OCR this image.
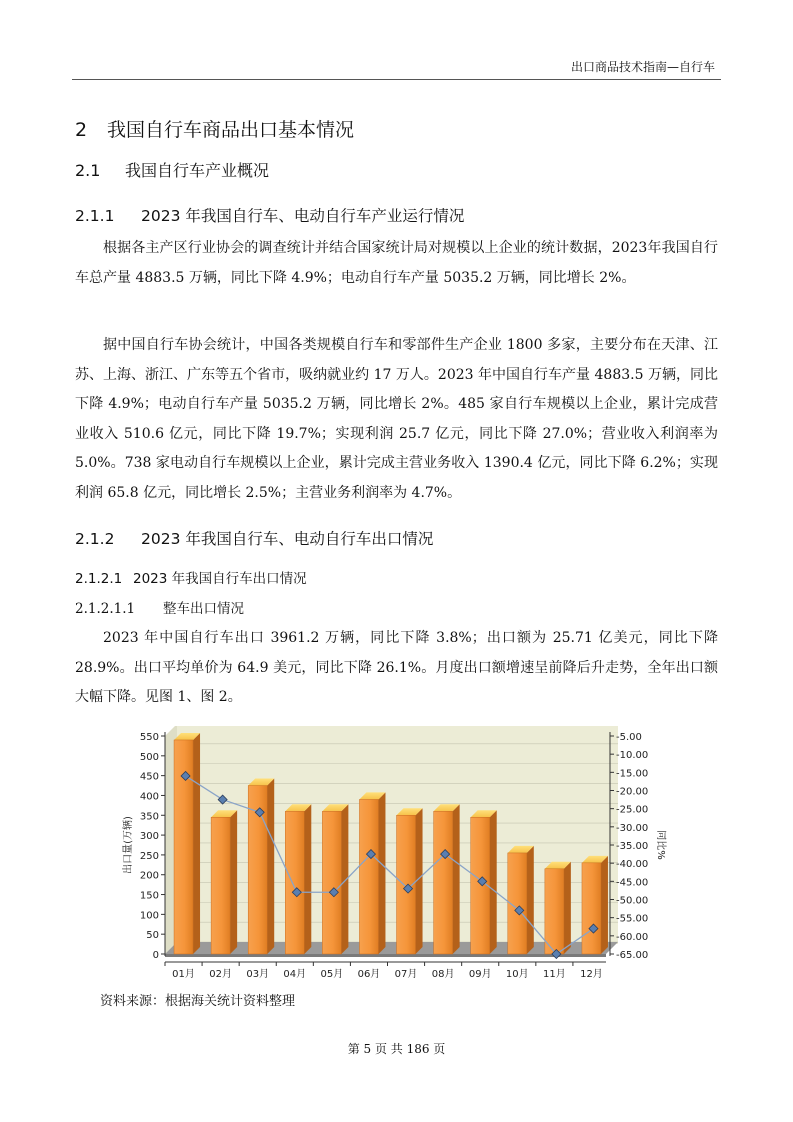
出口商品技术指南—自行车
2 我国自行车商品出口基本情况
2.1 我国自行车产业概况
2.1.1 2023 年我国自行车、电动自行车产业运行情况
根据各主产区行业协会的调查统计并结合国家统计局对规模以上企业的统计数据，2023年我国自行车总产量 4883.5 万辆，同比下降 4.9%；电动自行车产量 5035.2 万辆，同比增长 2%。
据中国自行车协会统计，中国各类规模自行车和零部件生产企业 1800 多家，主要分布在天津、江苏、上海、浙江、广东等五个省市，吸纳就业约 17 万人。2023 年中国自行车产量 4883.5 万辆，同比下降 4.9%；电动自行车产量 5035.2 万辆，同比增长 2%。485 家自行车规模以上企业，累计完成营业收入 510.6 亿元，同比下降 19.7%；实现利润 25.7 亿元，同比下降 27.0%；营业收入利润率为 5.0%。738 家电动自行车规模以上企业，累计完成主营业务收入 1390.4 亿元，同比下降 6.2%；实现利润 65.8 亿元，同比增长 2.5%；主营业务利润率为 4.7%。
2.1.2 2023 年我国自行车、电动自行车出口情况
2.1.2.1 2023 年我国自行车出口情况
2.1.2.1.1 整车出口情况
2023 年中国自行车出口 3961.2 万辆，同比下降 3.8%；出口额为 25.71 亿美元，同比下降 28.9%。出口平均单价为 64.9 美元，同比下降 26.1%。月度出口额增速呈前降后升走势，全年出口额大幅下降。见图 1、图 2。
0
50
100
150
200
250
300
350
400
450
500
550	-5.00
-10.00
-15.00
-20.00
-25.00
-30.00
-35.00
-40.00
-45.00
-50.00
-55.00
-60.00
-65.00
01月 02月 03月 04月 05月 06月 07月 08月 09月 10月 11月 12月
出口量(万辆)	同比%
资料来源：根据海关统计资料整理
第 5 页 共 186 页
